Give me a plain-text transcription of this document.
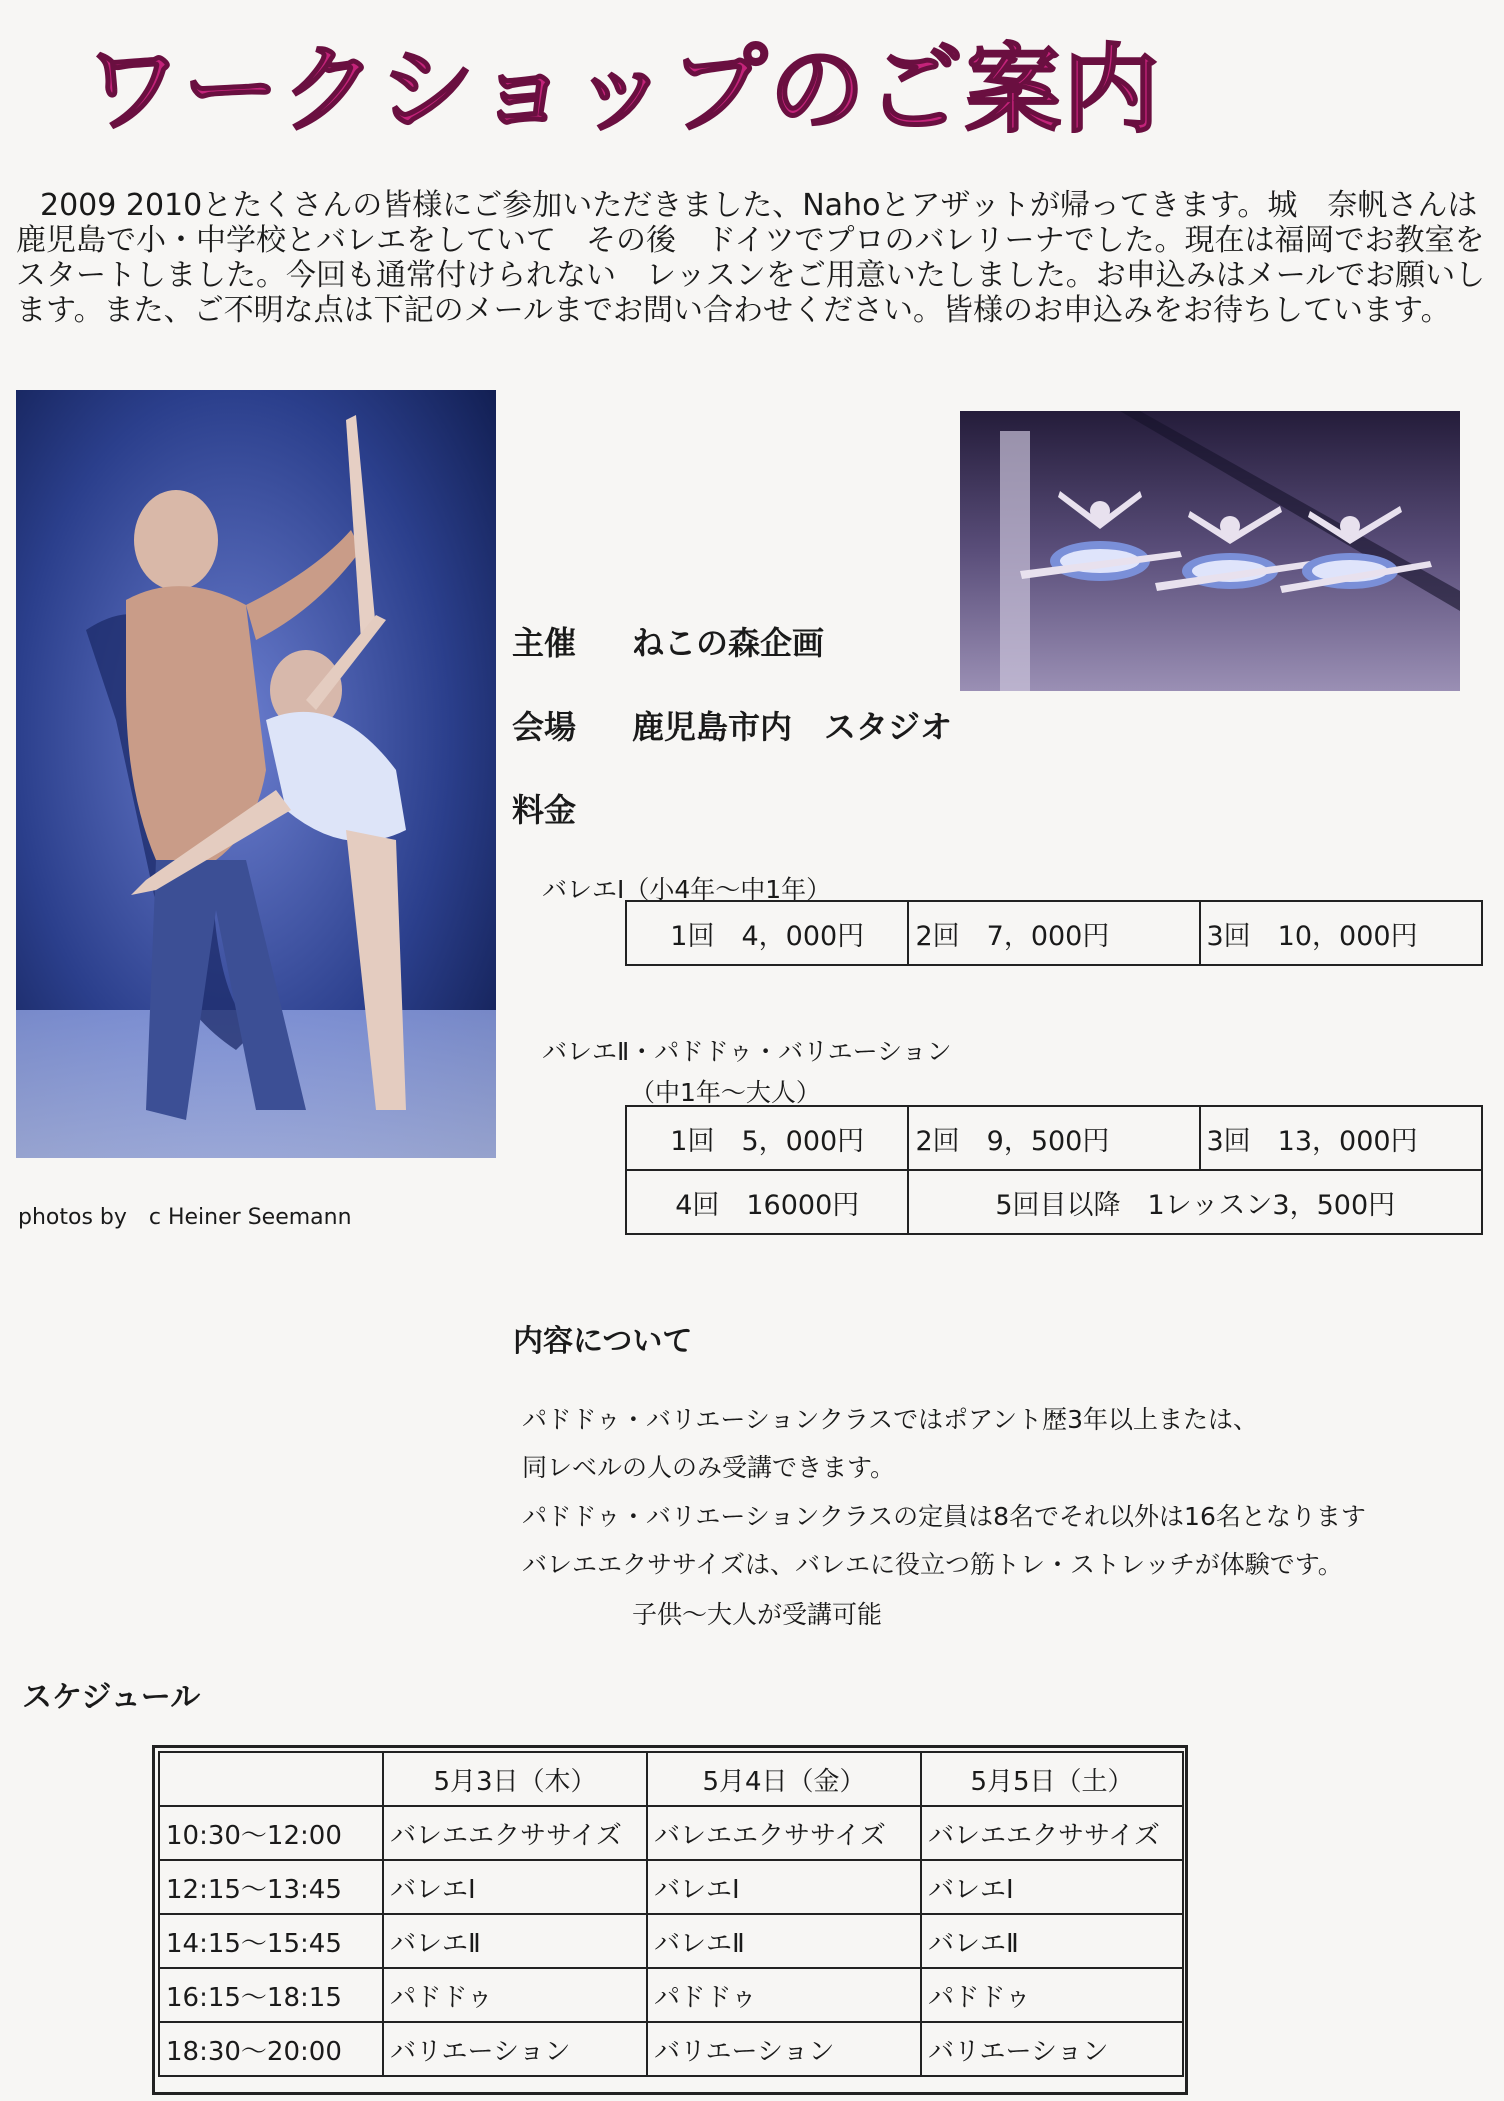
ワークショップのご案内
2009 2010とたくさんの皆様にご参加いただきました、Nahoとアザットが帰ってきます。城　奈帆さんは鹿児島で小・中学校とバレエをしていて　その後　ドイツでプロのバレリーナでした。現在は福岡でお教室をスタートしました。今回も通常付けられない　レッスンをご用意いたしました。お申込みはメールでお願いします。また、ご不明な点は下記のメールまでお問い合わせください。皆様のお申込みをお待ちしています。
photos by　c Heiner Seemann
主催 ねこの森企画
会場 鹿児島市内　スタジオ
料金
バレエⅠ（小4年～中1年）
1回　4，000円	2回　7，000円	3回　10，000円
バレエⅡ・パドドゥ・バリエーション
（中1年～大人）
1回　5，000円	2回　9，500円	3回　13，000円
4回　16000円	5回目以降　1レッスン3，500円	
内容について
パドドゥ・バリエーションクラスではポアント歴3年以上または、
同レベルの人のみ受講できます。
パドドゥ・バリエーションクラスの定員は8名でそれ以外は16名となります
バレエエクササイズは、バレエに役立つ筋トレ・ストレッチが体験です。
子供～大人が受講可能
スケジュール
	5月3日（木）	5月4日（金）	5月5日（土）
10:30～12:00	バレエエクササイズ	バレエエクササイズ	バレエエクササイズ
12:15～13:45	バレエⅠ	バレエⅠ	バレエⅠ
14:15～15:45	バレエⅡ	バレエⅡ	バレエⅡ
16:15～18:15	パドドゥ	パドドゥ	パドドゥ
18:30～20:00	バリエーション	バリエーション	バリエーション
